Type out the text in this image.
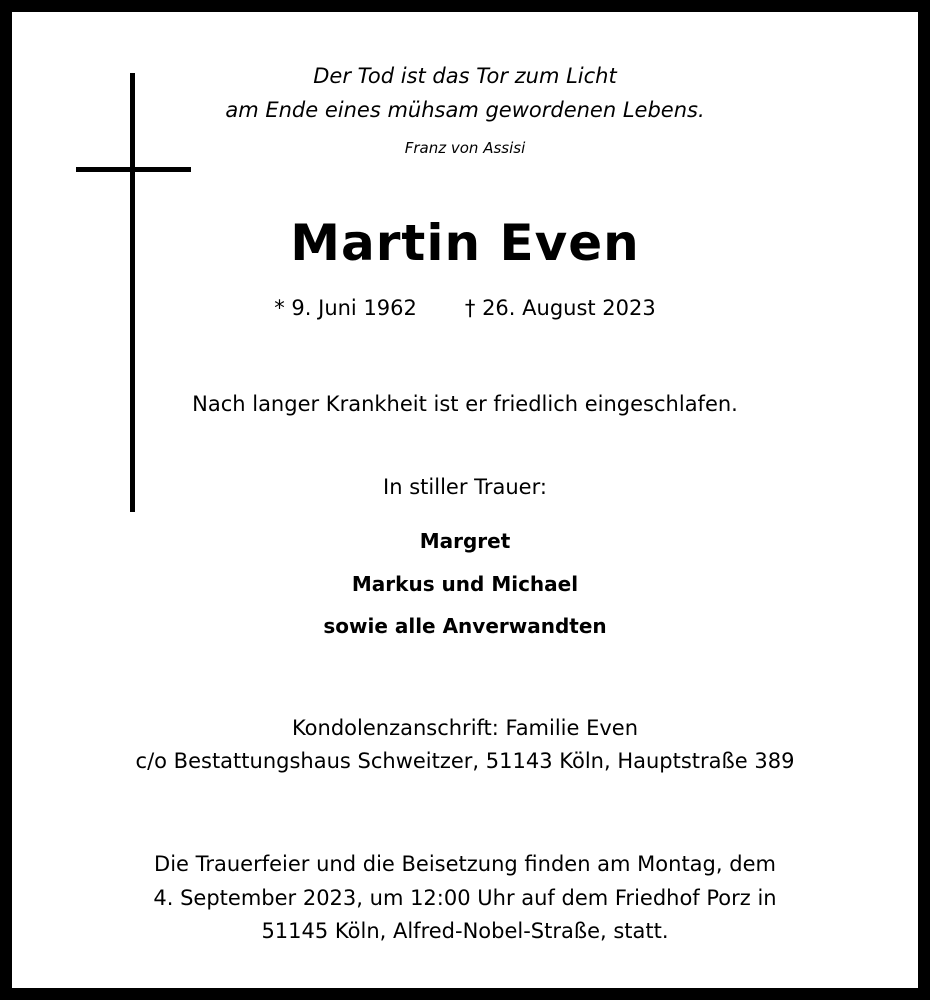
Der Tod ist das Tor zum Licht
am Ende eines mühsam gewordenen Lebens.
Franz von Assisi
Martin Even
* 9. Juni 1962 † 26. August 2023
Nach langer Krankheit ist er friedlich eingeschlafen.
In stiller Trauer:
Margret
Markus und Michael
sowie alle Anverwandten
Kondolenzanschrift: Familie Even
c/o Bestattungshaus Schweitzer, 51143 Köln, Hauptstraße 389
Die Trauerfeier und die Beisetzung finden am Montag, dem
4. September 2023, um 12:00 Uhr auf dem Friedhof Porz in
51145 Köln, Alfred-Nobel-Straße, statt.
